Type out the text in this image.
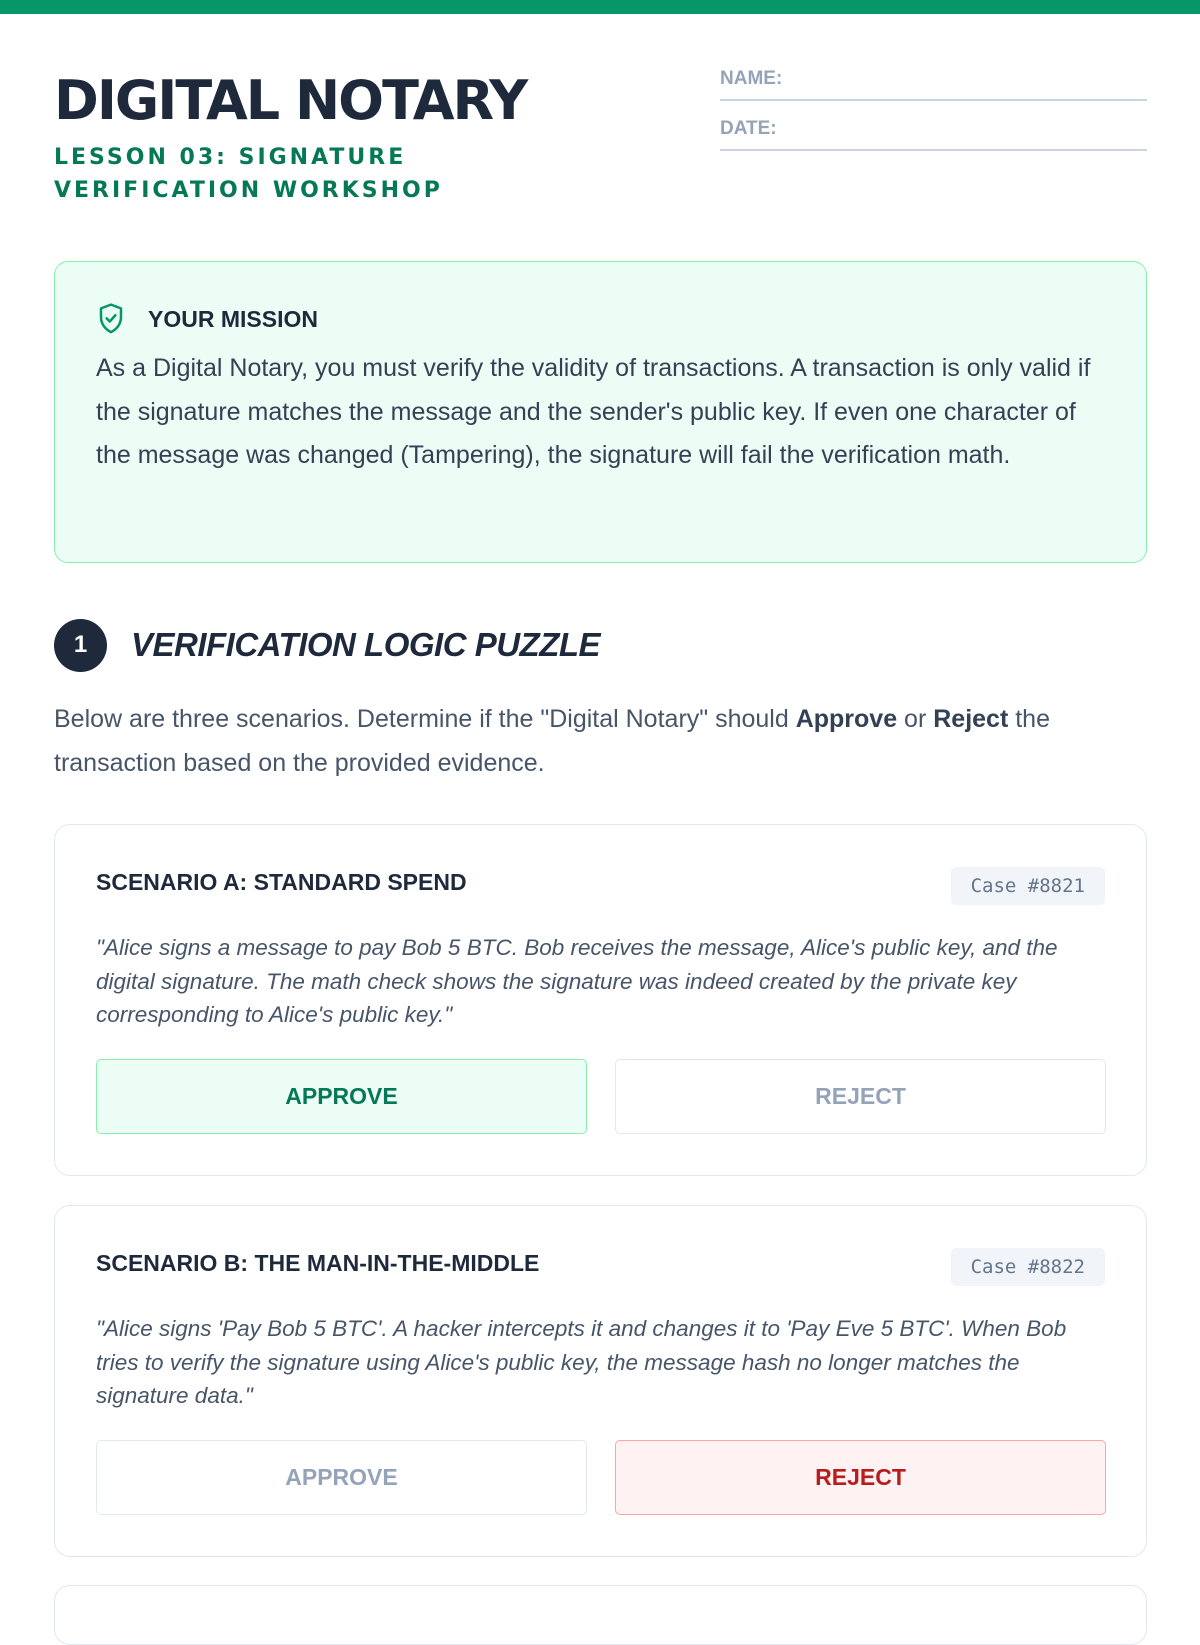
DIGITAL NOTARY

LESSON 03: SIGNATURE VERIFICATION WORKSHOP

NAME:
DATE:
YOUR MISSION

As a Digital Notary, you must verify the validity of transactions. A transaction is only valid if the signature matches the message and the sender's public key. If even one character of the message was changed (Tampering), the signature will fail the verification math.

1	VERIFICATION LOGIC PUZZLE

Below are three scenarios. Determine if the "Digital Notary" should Approve or Reject the transaction based on the provided evidence.

SCENARIO A: STANDARD SPEND	Case #8821

"Alice signs a message to pay Bob 5 BTC. Bob receives the message, Alice's public key, and the digital signature. The math check shows the signature was indeed created by the private key corresponding to Alice's public key."

APPROVE	REJECT
SCENARIO B: THE MAN-IN-THE-MIDDLE	Case #8822

"Alice signs 'Pay Bob 5 BTC'. A hacker intercepts it and changes it to 'Pay Eve 5 BTC'. When Bob tries to verify the signature using Alice's public key, the message hash no longer matches the signature data."

APPROVE	REJECT
